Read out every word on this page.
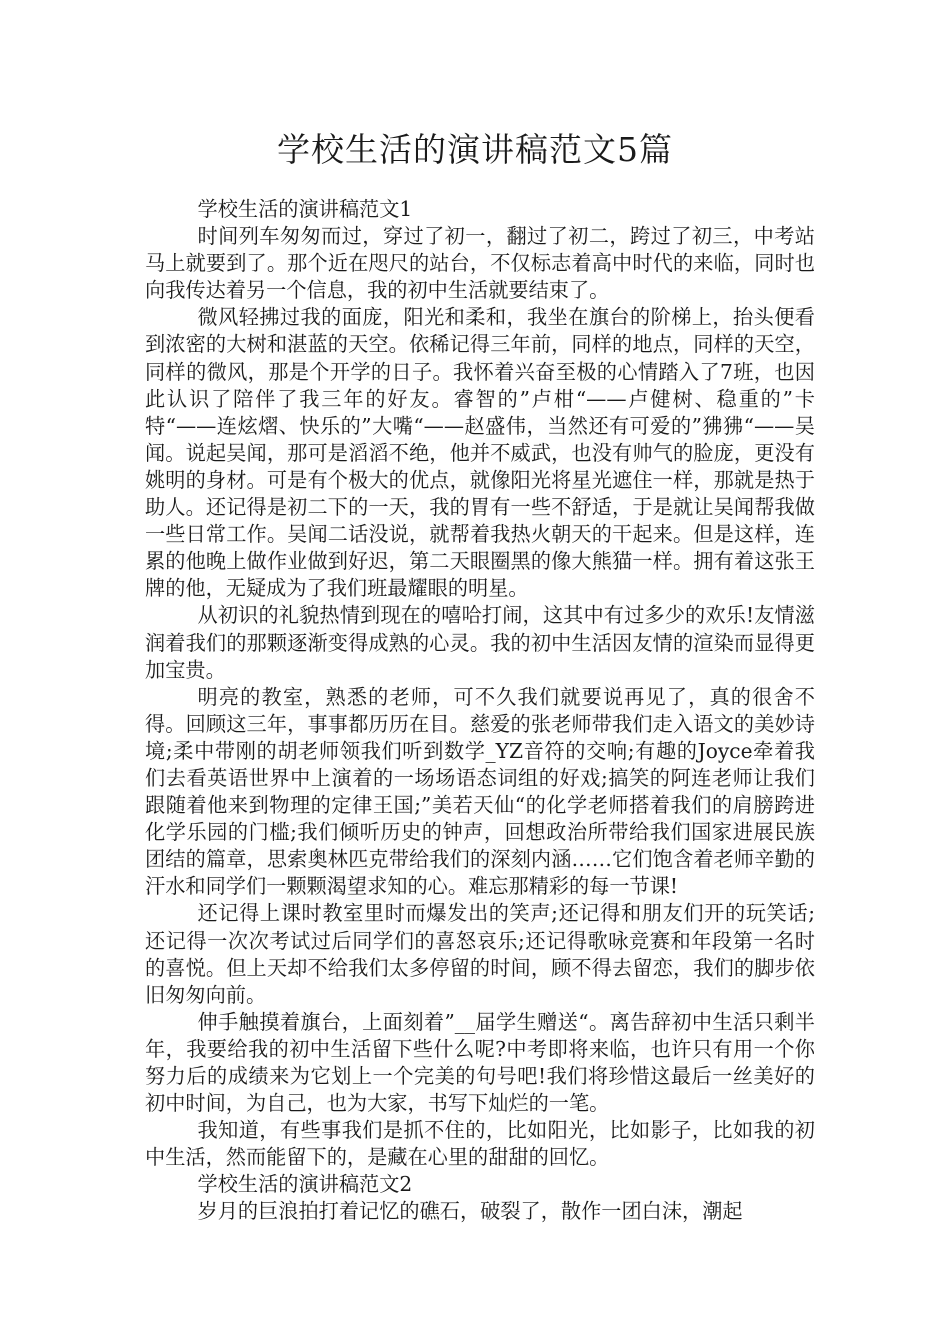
学校生活的演讲稿范文5篇

学校生活的演讲稿范文1

时间列车匆匆而过，穿过了初一，翻过了初二，跨过了初三，中考站马上就要到了。那个近在咫尺的站台，不仅标志着高中时代的来临，同时也向我传达着另一个信息，我的初中生活就要结束了。

微风轻拂过我的面庞，阳光和柔和，我坐在旗台的阶梯上，抬头便看到浓密的大树和湛蓝的天空。依稀记得三年前，同样的地点，同样的天空，同样的微风，那是个开学的日子。我怀着兴奋至极的心情踏入了7班，也因此认识了陪伴了我三年的好友。睿智的”卢柑“——卢健树、稳重的”卡特“——连炫熠、快乐的”大嘴“——赵盛伟，当然还有可爱的”狒狒“——吴闻。说起吴闻，那可是滔滔不绝，他并不威武，也没有帅气的脸庞，更没有姚明的身材。可是有个极大的优点，就像阳光将星光遮住一样，那就是热于助人。还记得是初二下的一天，我的胃有一些不舒适，于是就让吴闻帮我做一些日常工作。吴闻二话没说，就帮着我热火朝天的干起来。但是这样，连累的他晚上做作业做到好迟，第二天眼圈黑的像大熊猫一样。拥有着这张王牌的他，无疑成为了我们班最耀眼的明星。

从初识的礼貌热情到现在的嘻哈打闹，这其中有过多少的欢乐!友情滋润着我们的那颗逐渐变得成熟的心灵。我的初中生活因友情的渲染而显得更加宝贵。

明亮的教室，熟悉的老师，可不久我们就要说再见了，真的很舍不得。回顾这三年，事事都历历在目。慈爱的张老师带我们走入语文的美妙诗境;柔中带刚的胡老师领我们听到数学_YZ音符的交响;有趣的Joyce牵着我们去看英语世界中上演着的一场场语态词组的好戏;搞笑的阿连老师让我们跟随着他来到物理的定律王国;”美若天仙“的化学老师搭着我们的肩膀跨进化学乐园的门槛;我们倾听历史的钟声，回想政治所带给我们国家进展民族团结的篇章，思索奥林匹克带给我们的深刻内涵……它们饱含着老师辛勤的汗水和同学们一颗颗渴望求知的心。难忘那精彩的每一节课!

还记得上课时教室里时而爆发出的笑声;还记得和朋友们开的玩笑话;还记得一次次考试过后同学们的喜怒哀乐;还记得歌咏竞赛和年段第一名时的喜悦。但上天却不给我们太多停留的时间，顾不得去留恋，我们的脚步依旧匆匆向前。

伸手触摸着旗台，上面刻着”__届学生赠送“。离告辞初中生活只剩半年，我要给我的初中生活留下些什么呢?中考即将来临，也许只有用一个你努力后的成绩来为它划上一个完美的句号吧!我们将珍惜这最后一丝美好的初中时间，为自己，也为大家，书写下灿烂的一笔。

我知道，有些事我们是抓不住的，比如阳光，比如影子，比如我的初中生活，然而能留下的，是藏在心里的甜甜的回忆。

学校生活的演讲稿范文2

岁月的巨浪拍打着记忆的礁石，破裂了，散作一团白沫，潮起
